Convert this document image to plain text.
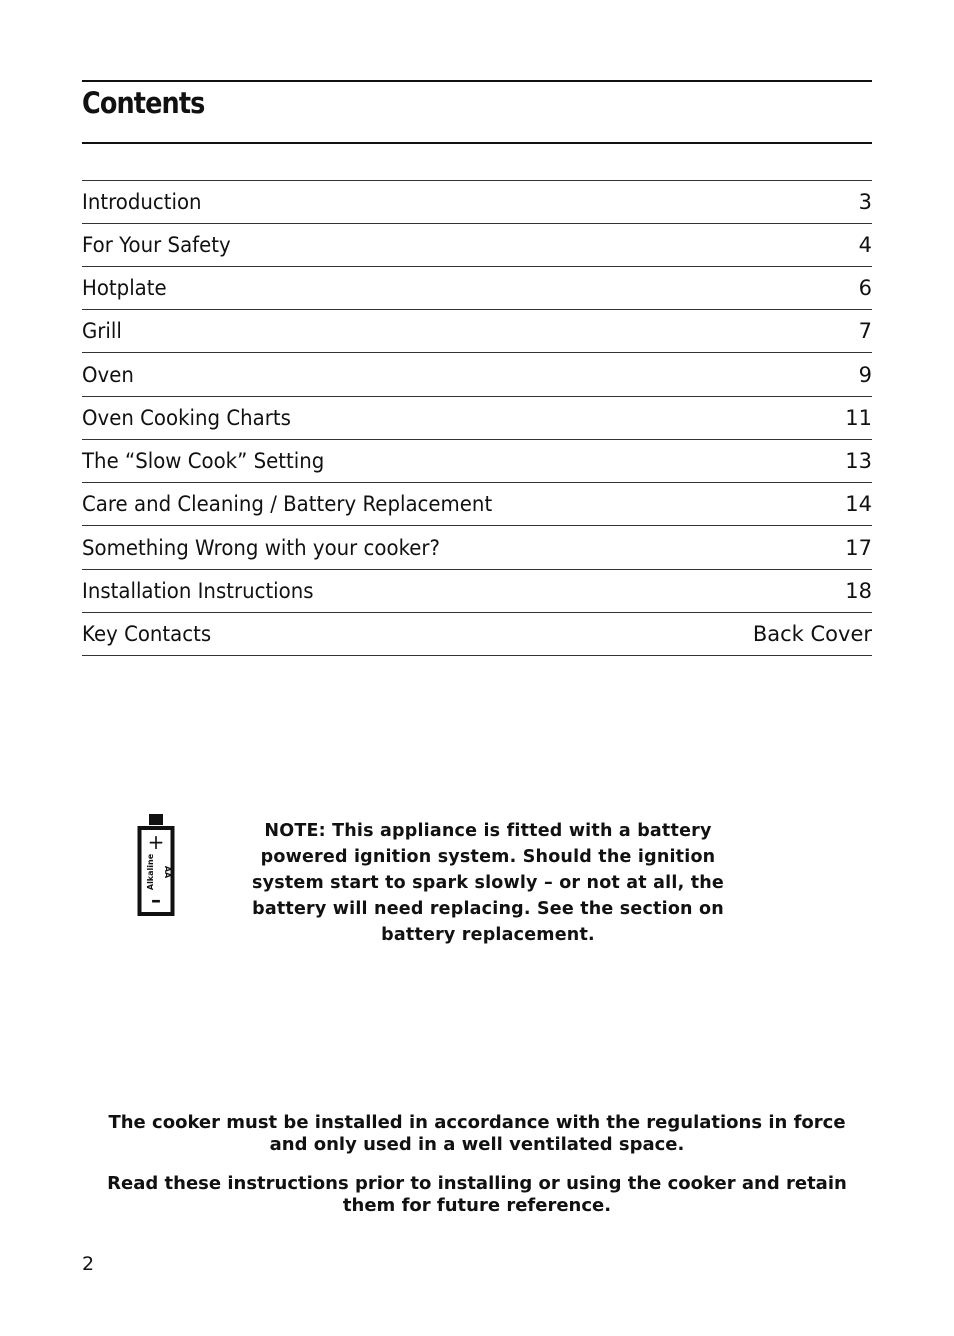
Contents
Introduction	3
For Your Safety	4
Hotplate	6
Grill	7
Oven	9
Oven Cooking Charts	11
The “Slow Cook” Setting	13
Care and Cleaning / Battery Replacement	14
Something Wrong with your cooker?	17
Installation Instructions	18
Key Contacts	Back Cover
+
Alkaline AA
–

NOTE: This appliance is fitted with a battery
powered ignition system. Should the ignition
system start to spark slowly – or not at all, the
battery will need replacing. See the section on
battery replacement.

The cooker must be installed in accordance with the regulations in force
and only used in a well ventilated space.

Read these instructions prior to installing or using the cooker and retain
them for future reference.

2
